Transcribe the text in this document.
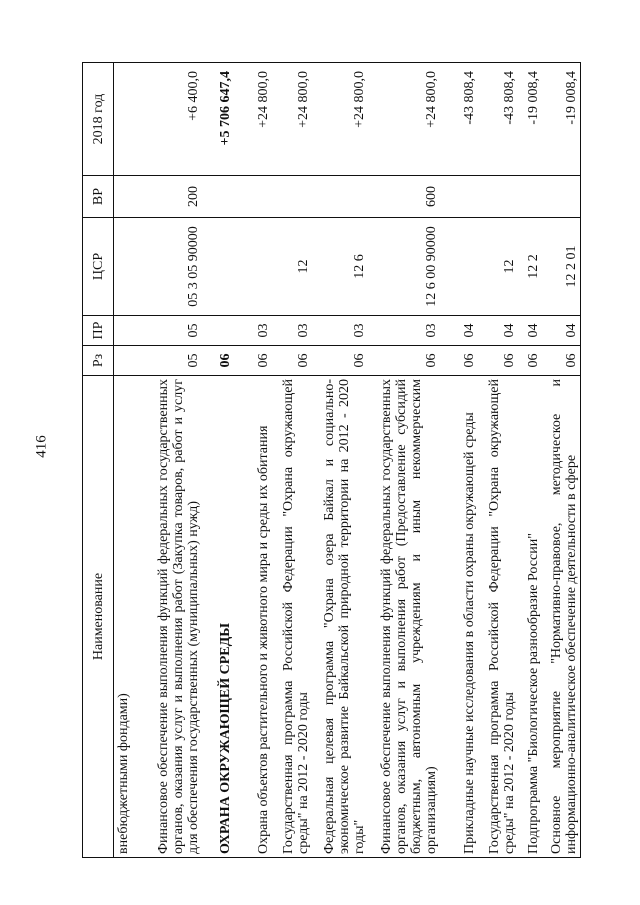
416
Наименование	Рз	ПР	ЦСР	ВР	2018 год
внебюджетными фондами)					
Финансовое обеспечение выполнения функций федеральных государственных органов, оказания услуг и выполнения работ (Закупка товаров, работ и услуг для обеспечения государственных (муниципальных) нужд)	05	05	05 3 05 90000	200	+6 400,0
ОХРАНА ОКРУЖАЮЩЕЙ СРЕДЫ	06				+5 706 647,4
Охрана объектов растительного и животного мира и среды их обитания	06	03			+24 800,0
Государственная программа Российской Федерации "Охрана окружающей среды" на 2012 - 2020 годы	06	03	12		+24 800,0
Федеральная целевая программа "Охрана озера Байкал и социально-экономическое развитие Байкальской природной территории на 2012 - 2020 годы"	06	03	12 6		+24 800,0
Финансовое обеспечение выполнения функций федеральных государственных органов, оказания услуг и выполнения работ (Предоставление субсидий бюджетным, автономным учреждениям и иным некоммерческим организациям)	06	03	12 6 00 90000	600	+24 800,0
Прикладные научные исследования в области охраны окружающей среды	06	04			-43 808,4
Государственная программа Российской Федерации "Охрана окружающей среды" на 2012 - 2020 годы	06	04	12		-43 808,4
Подпрограмма "Биологическое разнообразие России"	06	04	12 2		-19 008,4
Основное мероприятие "Нормативно-правовое, методическое и информационно-аналитическое обеспечение деятельности в сфере	06	04	12 2 01		-19 008,4
